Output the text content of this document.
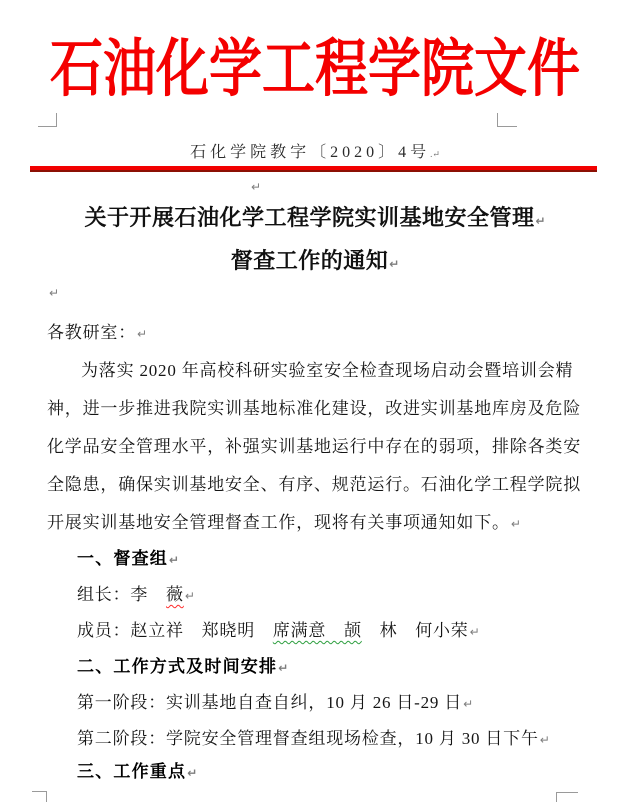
石油化学工程学院文件
石化学院教字〔2020〕4号.↵
↵
关于开展石油化学工程学院实训基地安全管理↵
督查工作的通知↵
↵
各教研室：↵
为落实 2020 年高校科研实验室安全检查现场启动会暨培训会精
神，进一步推进我院实训基地标准化建设，改进实训基地库房及危险
化学品安全管理水平，补强实训基地运行中存在的弱项，排除各类安
全隐患，确保实训基地安全、有序、规范运行。石油化学工程学院拟
开展实训基地安全管理督查工作，现将有关事项通知如下。↵
一、督查组↵
组长：李　 薇↵
成员：赵立祥　郑晓明　席满意　颉　林　何小荣↵
二、工作方式及时间安排↵
第一阶段：实训基地自查自纠，10 月 26 日-29 日↵
第二阶段：学院安全管理督查组现场检查，10 月 30 日下午↵
三、工作重点↵
